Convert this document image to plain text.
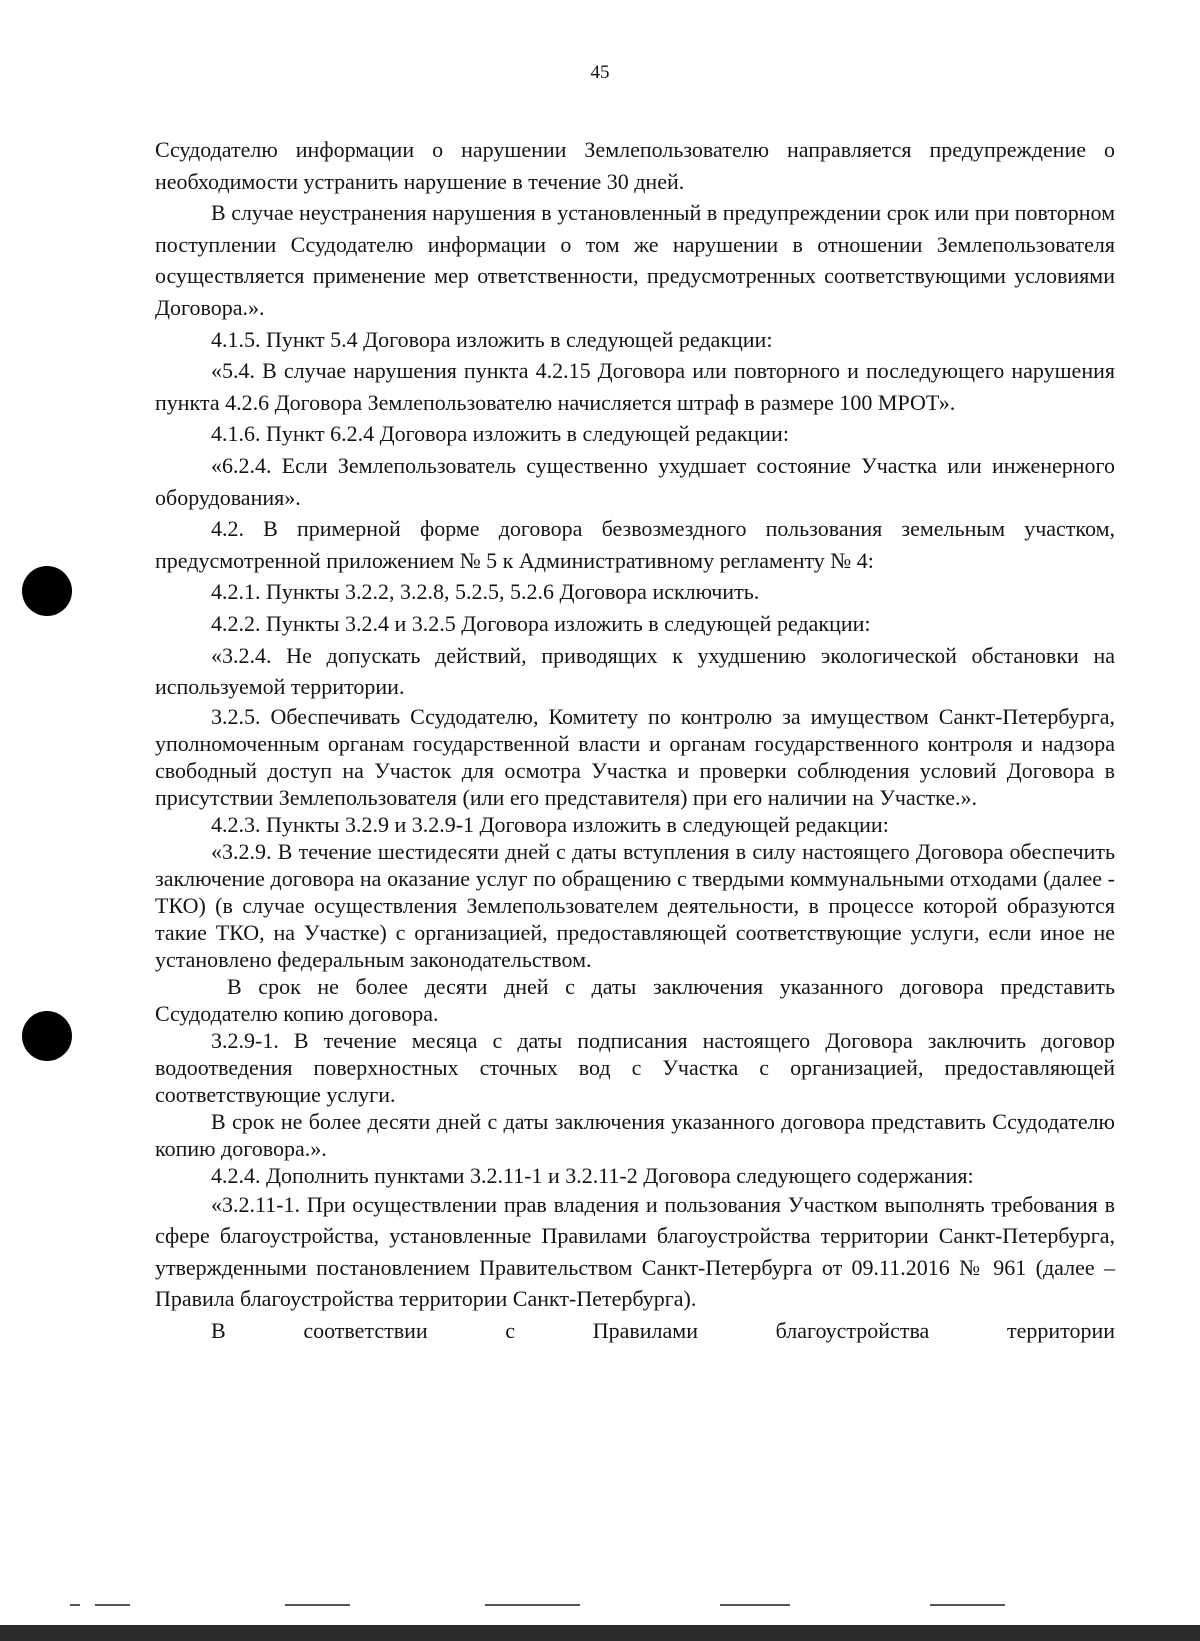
45

Ссудодателю информации о нарушении Землепользователю направляется предупреждение о необходимости устранить нарушение в течение 30 дней.

В случае неустранения нарушения в установленный в предупреждении срок или при повторном поступлении Ссудодателю информации о том же нарушении в отношении Землепользователя осуществляется применение мер ответственности, предусмотренных соответствующими условиями Договора.».

4.1.5. Пункт 5.4 Договора изложить в следующей редакции:

«5.4. В случае нарушения пункта 4.2.15 Договора или повторного и последующего нарушения пункта 4.2.6 Договора Землепользователю начисляется штраф в размере 100 МРОТ».

4.1.6. Пункт 6.2.4 Договора изложить в следующей редакции:

«6.2.4. Если Землепользователь существенно ухудшает состояние Участка или инженерного оборудования».

4.2. В примерной форме договора безвозмездного пользования земельным участком, предусмотренной приложением № 5 к Административному регламенту № 4:

4.2.1. Пункты 3.2.2, 3.2.8, 5.2.5, 5.2.6 Договора исключить.

4.2.2. Пункты 3.2.4 и 3.2.5 Договора изложить в следующей редакции:

«3.2.4. Не допускать действий, приводящих к ухудшению экологической обстановки на используемой территории.

3.2.5. Обеспечивать Ссудодателю, Комитету по контролю за имуществом Санкт-Петербурга, уполномоченным органам государственной власти и органам государственного контроля и надзора свободный доступ на Участок для осмотра Участка и проверки соблюдения условий Договора в присутствии Землепользователя (или его представителя) при его наличии на Участке.».

4.2.3. Пункты 3.2.9 и 3.2.9-1 Договора изложить в следующей редакции:

«3.2.9. В течение шестидесяти дней с даты вступления в силу настоящего Договора обеспечить заключение договора на оказание услуг по обращению с твердыми коммунальными отходами (далее - ТКО) (в случае осуществления Землепользователем деятельности, в процессе которой образуются такие ТКО, на Участке) с организацией, предоставляющей соответствующие услуги, если иное не установлено федеральным законодательством.

В срок не более десяти дней с даты заключения указанного договора представить Ссудодателю копию договора.

3.2.9-1. В течение месяца с даты подписания настоящего Договора заключить договор водоотведения поверхностных сточных вод с Участка с организацией, предоставляющей соответствующие услуги.

В срок не более десяти дней с даты заключения указанного договора представить Ссудодателю копию договора.».

4.2.4. Дополнить пунктами 3.2.11-1 и 3.2.11-2 Договора следующего содержания:

«3.2.11-1. При осуществлении прав владения и пользования Участком выполнять требования в сфере благоустройства, установленные Правилами благоустройства территории Санкт-Петербурга, утвержденными постановлением Правительством Санкт-Петербурга от 09.11.2016 № 961 (далее – Правила благоустройства территории Санкт-Петербурга).

В соответствии с Правилами благоустройства территории
